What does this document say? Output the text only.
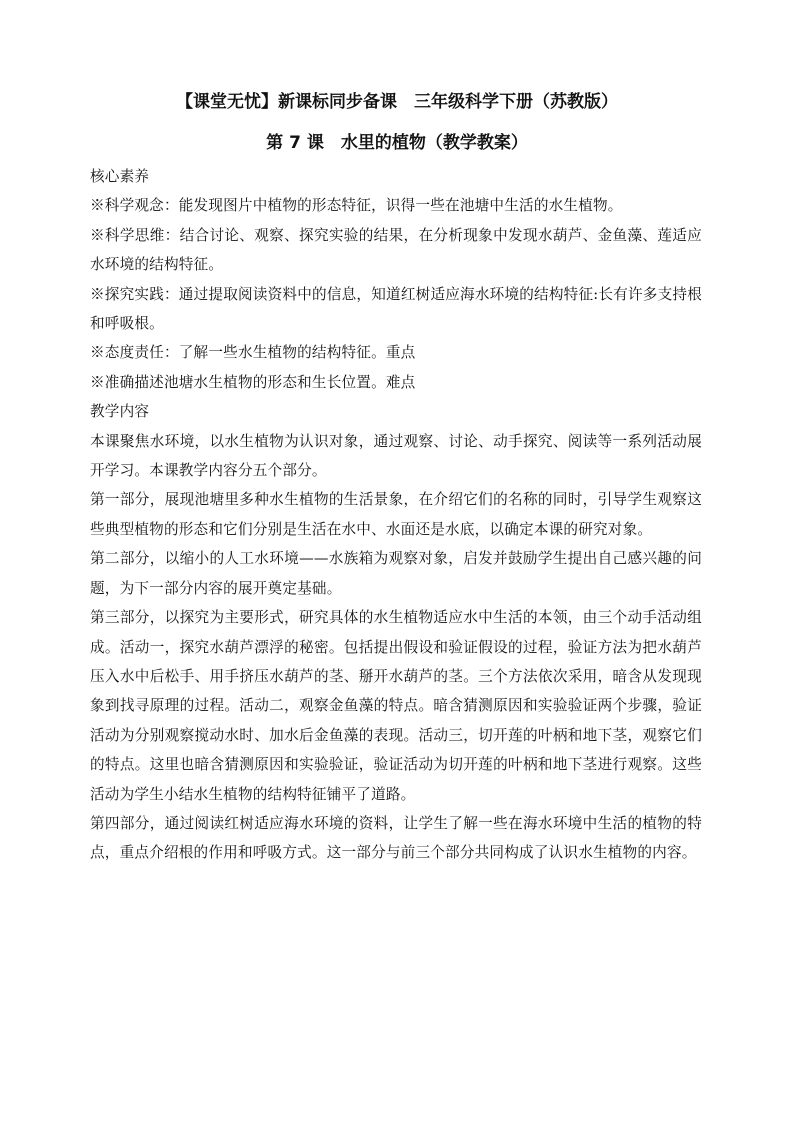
【课堂无忧】新课标同步备课　三年级科学下册（苏教版）
第 7 课　水里的植物（教学教案）

核心素养

※科学观念：能发现图片中植物的形态特征，识得一些在池塘中生活的水生植物。

※科学思维：结合讨论、观察、探究实验的结果，在分析现象中发现水葫芦、金鱼藻、莲适应水环境的结构特征。

※探究实践：通过提取阅读资料中的信息，知道红树适应海水环境的结构特征:长有许多支持根和呼吸根。

※态度责任：了解一些水生植物的结构特征。重点

※准确描述池塘水生植物的形态和生长位置。难点

教学内容

本课聚焦水环境，以水生植物为认识对象，通过观察、讨论、动手探究、阅读等一系列活动展开学习。本课教学内容分五个部分。

第一部分，展现池塘里多种水生植物的生活景象，在介绍它们的名称的同时，引导学生观察这些典型植物的形态和它们分别是生活在水中、水面还是水底，以确定本课的研究对象。

第二部分，以缩小的人工水环境——水族箱为观察对象，启发并鼓励学生提出自己感兴趣的问题，为下一部分内容的展开奠定基础。

第三部分，以探究为主要形式，研究具体的水生植物适应水中生活的本领，由三个动手活动组成。活动一，探究水葫芦漂浮的秘密。包括提出假设和验证假设的过程，验证方法为把水葫芦压入水中后松手、用手挤压水葫芦的茎、掰开水葫芦的茎。三个方法依次采用，暗含从发现现象到找寻原理的过程。活动二，观察金鱼藻的特点。暗含猜测原因和实验验证两个步骤，验证活动为分别观察搅动水时、加水后金鱼藻的表现。活动三，切开莲的叶柄和地下茎，观察它们的特点。这里也暗含猜测原因和实验验证，验证活动为切开莲的叶柄和地下茎进行观察。这些活动为学生小结水生植物的结构特征铺平了道路。

第四部分，通过阅读红树适应海水环境的资料，让学生了解一些在海水环境中生活的植物的特点，重点介绍根的作用和呼吸方式。这一部分与前三个部分共同构成了认识水生植物的内容。
